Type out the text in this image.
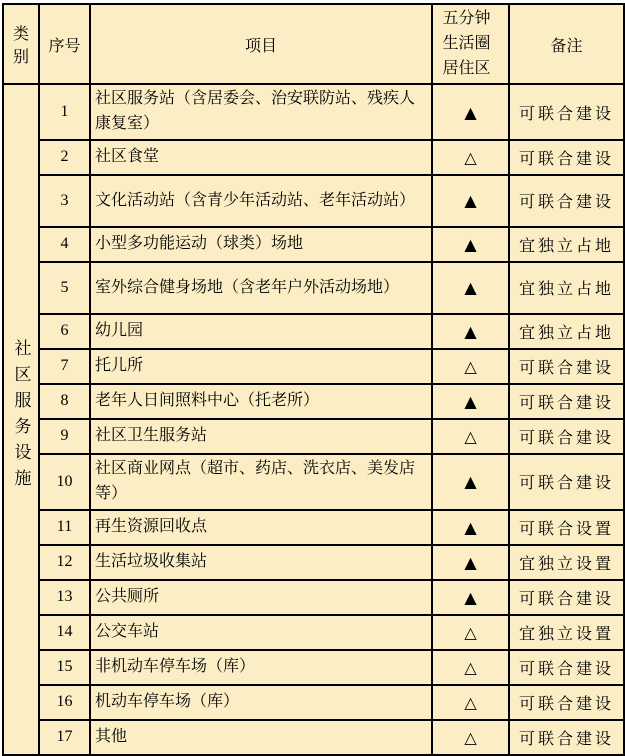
类别	序号	项目	五分钟生活圈居住区	备注
社区服务设施	1	社区服务站（含居委会、治安联防站、残疾人康复室）	▲	可联合建设
	2	社区食堂	△	可联合建设
	3	文化活动站（含青少年活动站、老年活动站）	▲	可联合建设
	4	小型多功能运动（球类）场地	▲	宜独立占地
	5	室外综合健身场地（含老年户外活动场地）	▲	宜独立占地
	6	幼儿园	▲	宜独立占地
	7	托儿所	△	可联合建设
	8	老年人日间照料中心（托老所）	▲	可联合建设
	9	社区卫生服务站	△	可联合建设
	10	社区商业网点（超市、药店、洗衣店、美发店等）	▲	可联合建设
	11	再生资源回收点	▲	可联合设置
	12	生活垃圾收集站	▲	宜独立设置
	13	公共厕所	▲	可联合建设
	14	公交车站	△	宜独立设置
	15	非机动车停车场（库）	△	可联合建设
	16	机动车停车场（库）	△	可联合建设
	17	其他	△	可联合建设
